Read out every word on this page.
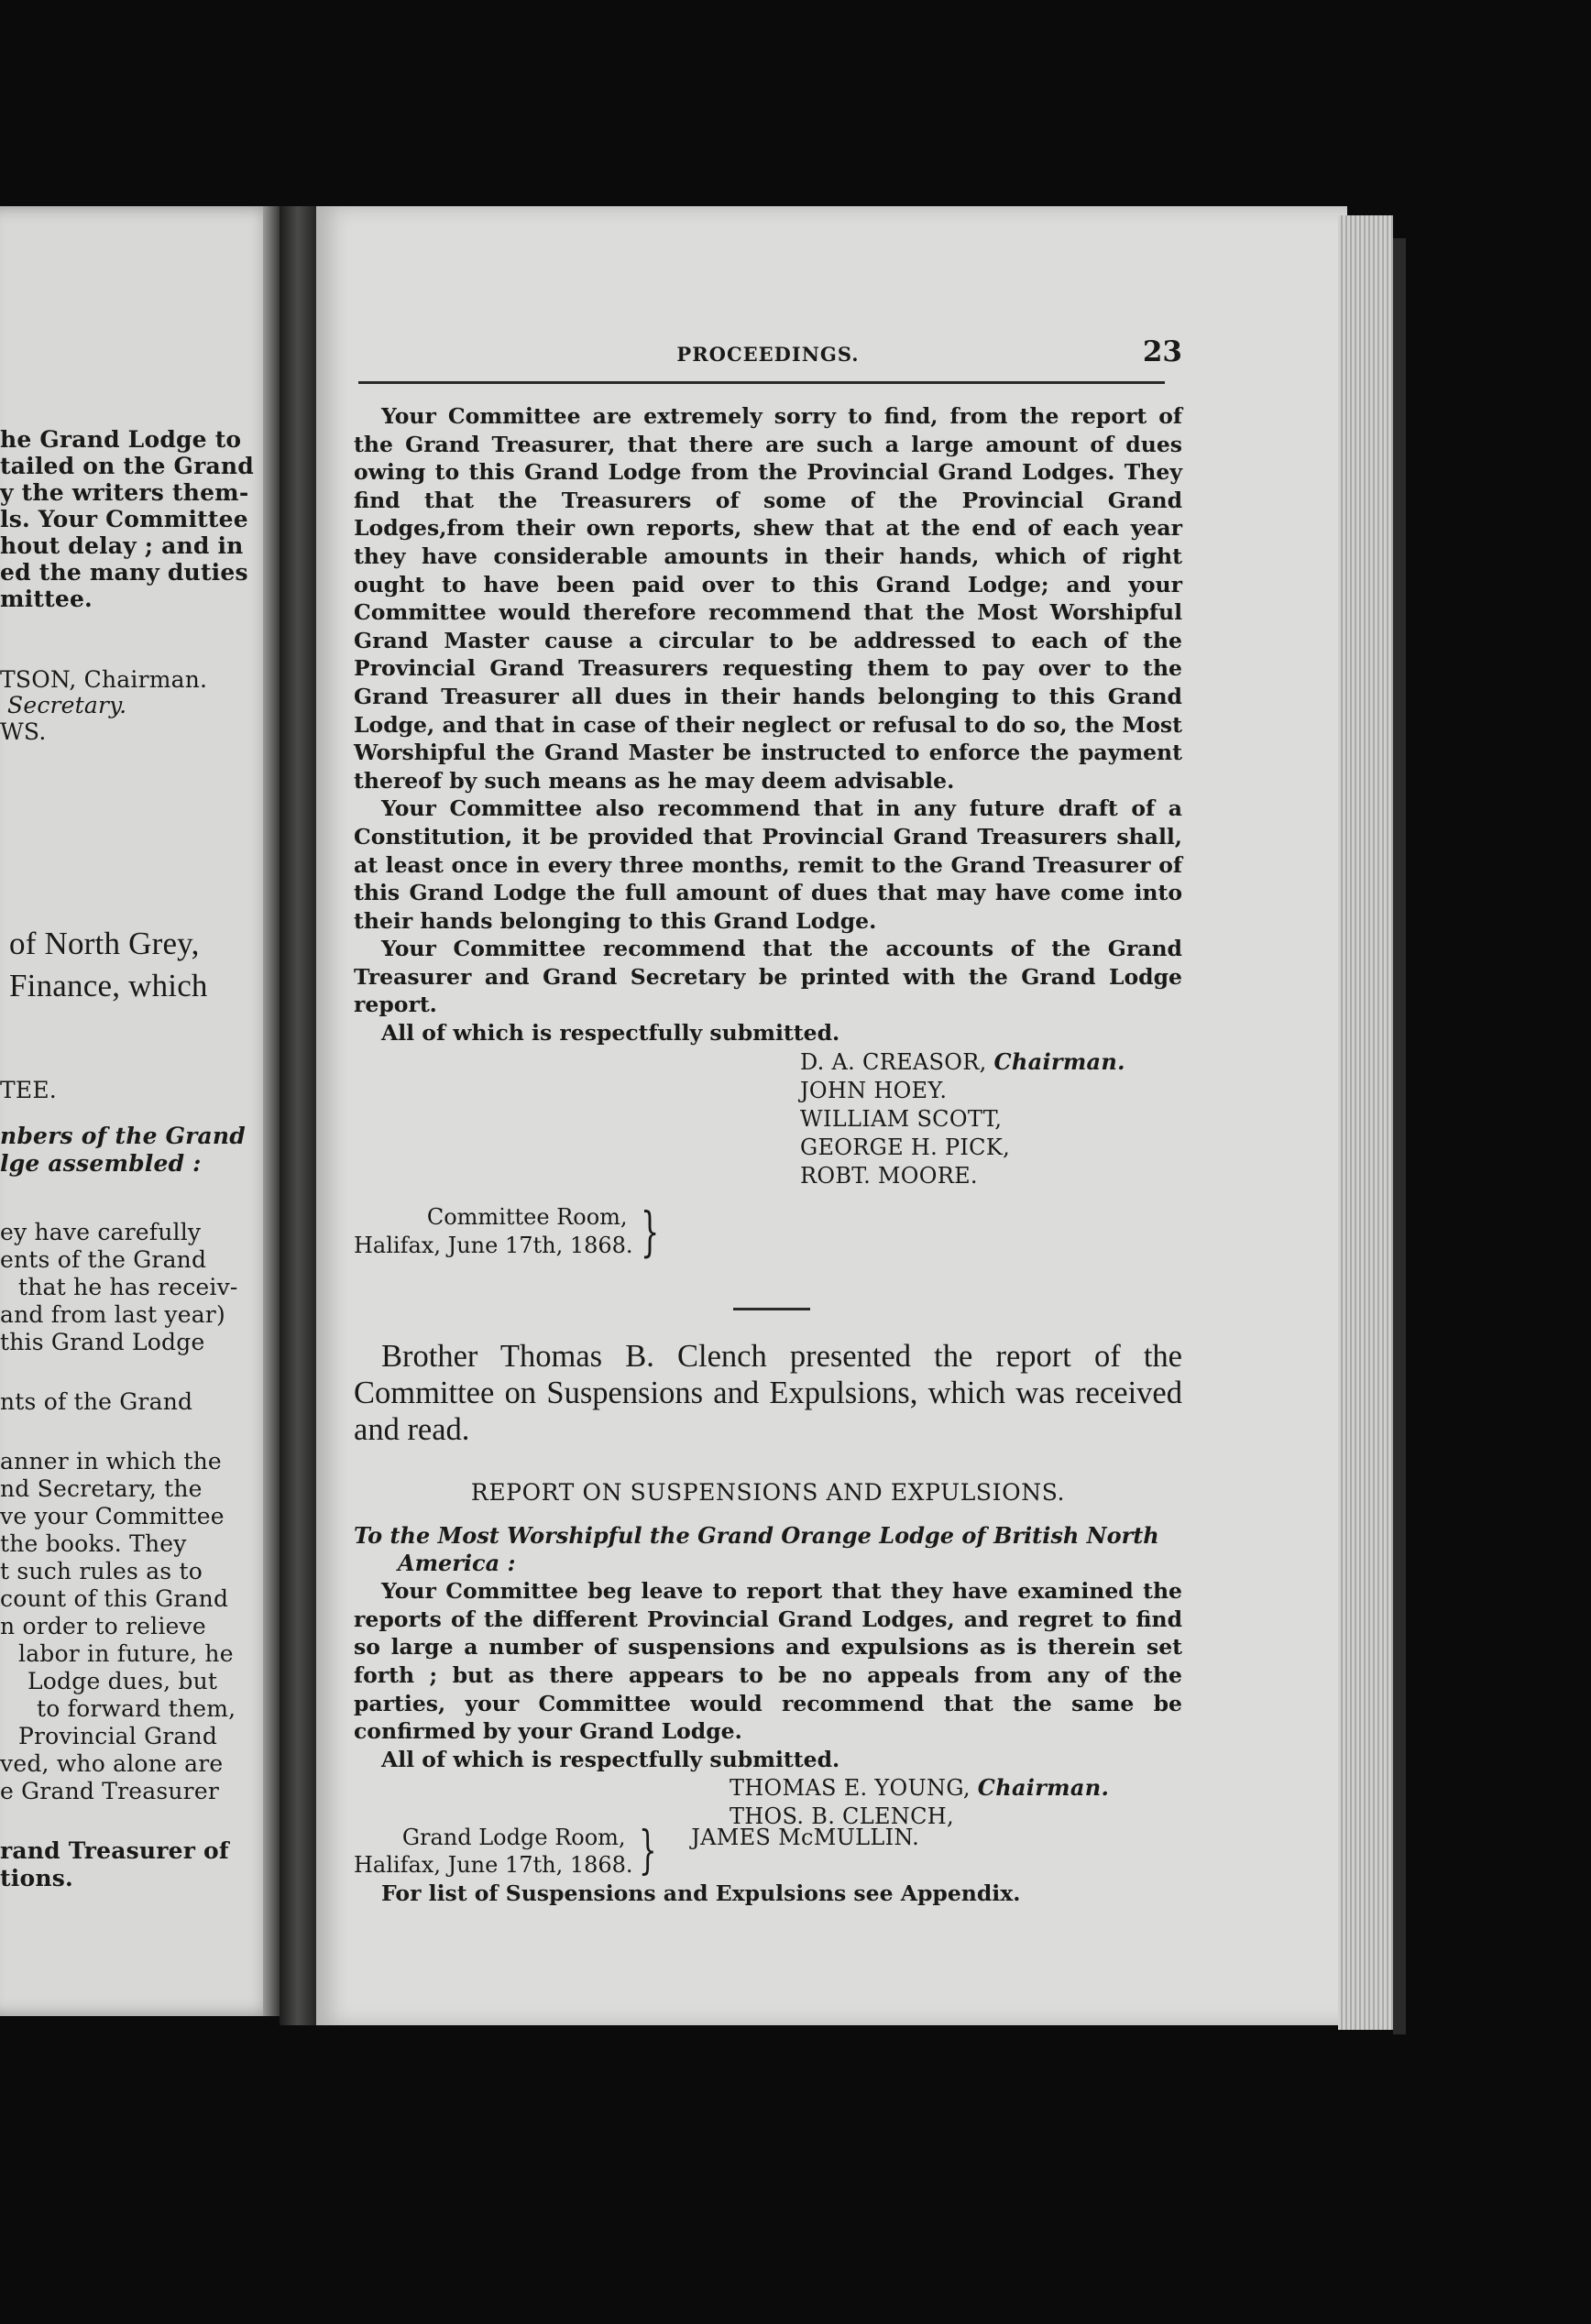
he Grand Lodge to
tailed on the Grand
y the writers them-
ls. Your Committee
hout delay ; and in
ed the many duties
mittee.
TSON, Chairman.
Secretary.
WS.
of North Grey,
Finance, which
TEE.
nbers of the Grand
lge assembled :
ey have carefully
ents of the Grand
that he has receiv-
and from last year)
this Grand Lodge
nts of the Grand
anner in which the
nd Secretary, the
ve your Committee
the books. They
t such rules as to
count of this Grand
n order to relieve
labor in future, he
Lodge dues, but
to forward them,
Provincial Grand
ved, who alone are
e Grand Treasurer
rand Treasurer of
tions.
PROCEEDINGS.	23

Your Committee are extremely sorry to find, from the report of the Grand Treasurer, that there are such a large amount of dues owing to this Grand Lodge from the Provincial Grand Lodges. They find that the Treasurers of some of the Provincial Grand Lodges,from their own reports, shew that at the end of each year they have considerable amounts in their hands, which of right ought to have been paid over to this Grand Lodge; and your Committee would therefore recommend that the Most Worshipful Grand Master cause a circular to be addressed to each of the Provincial Grand Treasurers requesting them to pay over to the Grand Treasurer all dues in their hands belonging to this Grand Lodge, and that in case of their neglect or refusal to do so, the Most Worshipful the Grand Master be instructed to enforce the payment thereof by such means as he may deem advisable.

Your Committee also recommend that in any future draft of a Constitution, it be provided that Provincial Grand Treasurers shall, at least once in every three months, remit to the Grand Treasurer of this Grand Lodge the full amount of dues that may have come into their hands belonging to this Grand Lodge.

Your Committee recommend that the accounts of the Grand Treasurer and Grand Secretary be printed with the Grand Lodge report.

All of which is respectfully submitted.
D. A. CREASOR, Chairman.
JOHN HOEY.
WILLIAM SCOTT,
GEORGE H. PICK,
ROBT. MOORE.
Committee Room,
Halifax, June 17th, 1868. }

Brother Thomas B. Clench presented the report of the Committee on Suspensions and Expulsions, which was received and read.

REPORT ON SUSPENSIONS AND EXPULSIONS.
To the Most Worshipful the Grand Orange Lodge of British North
America :

Your Committee beg leave to report that they have examined the reports of the different Provincial Grand Lodges, and regret to find so large a number of suspensions and expulsions as is therein set forth ; but as there appears to be no appeals from any of the parties, your Committee would recommend that the same be confirmed by your Grand Lodge.

All of which is respectfully submitted.
THOMAS E. YOUNG, Chairman.
THOS. B. CLENCH,
Grand Lodge Room,
Halifax, June 17th, 1868. } JAMES McMULLIN.
For list of Suspensions and Expulsions see Appendix.
